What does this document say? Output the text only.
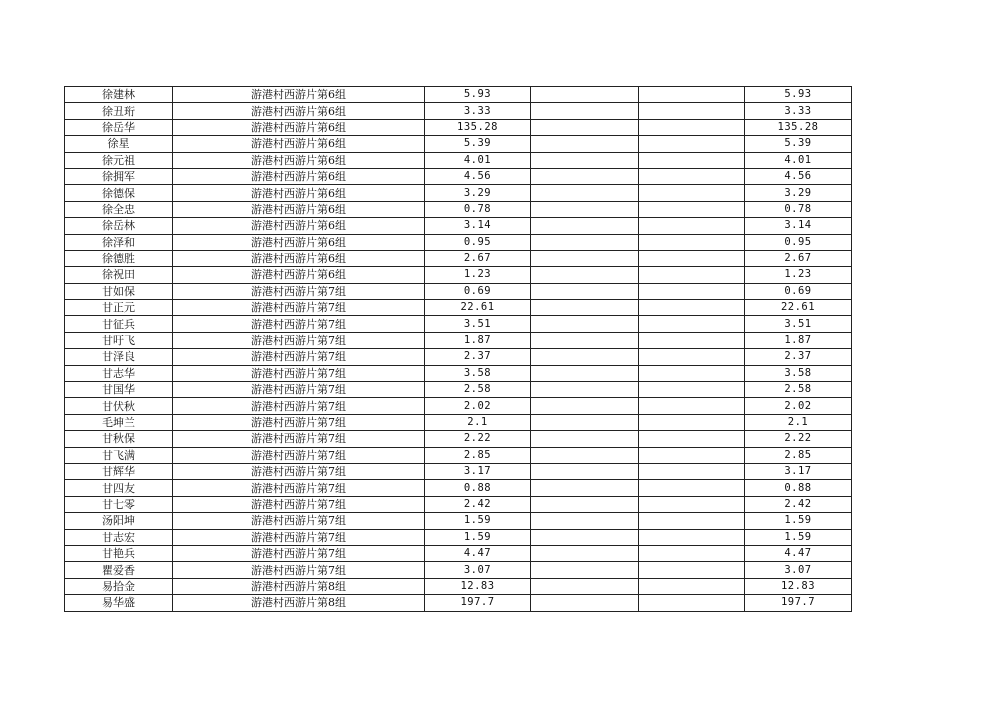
徐建林	游港村西游片第6组	5.93			5.93
徐丑珩	游港村西游片第6组	3.33			3.33
徐岳华	游港村西游片第6组	135.28			135.28
徐星	游港村西游片第6组	5.39			5.39
徐元祖	游港村西游片第6组	4.01			4.01
徐拥军	游港村西游片第6组	4.56			4.56
徐德保	游港村西游片第6组	3.29			3.29
徐全忠	游港村西游片第6组	0.78			0.78
徐岳林	游港村西游片第6组	3.14			3.14
徐泽和	游港村西游片第6组	0.95			0.95
徐德胜	游港村西游片第6组	2.67			2.67
徐祝田	游港村西游片第6组	1.23			1.23
甘如保	游港村西游片第7组	0.69			0.69
甘正元	游港村西游片第7组	22.61			22.61
甘征兵	游港村西游片第7组	3.51			3.51
甘吁飞	游港村西游片第7组	1.87			1.87
甘泽良	游港村西游片第7组	2.37			2.37
甘志华	游港村西游片第7组	3.58			3.58
甘国华	游港村西游片第7组	2.58			2.58
甘伏秋	游港村西游片第7组	2.02			2.02
毛坤兰	游港村西游片第7组	2.1			2.1
甘秋保	游港村西游片第7组	2.22			2.22
甘飞满	游港村西游片第7组	2.85			2.85
甘辉华	游港村西游片第7组	3.17			3.17
甘四友	游港村西游片第7组	0.88			0.88
甘七零	游港村西游片第7组	2.42			2.42
汤阳坤	游港村西游片第7组	1.59			1.59
甘志宏	游港村西游片第7组	1.59			1.59
甘艳兵	游港村西游片第7组	4.47			4.47
瞿爱香	游港村西游片第7组	3.07			3.07
易拾金	游港村西游片第8组	12.83			12.83
易华盛	游港村西游片第8组	197.7			197.7
